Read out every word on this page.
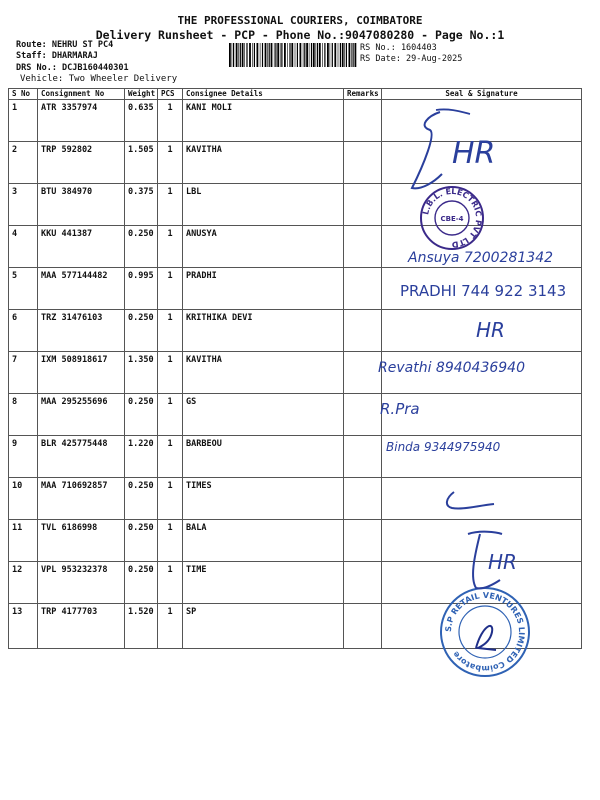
THE PROFESSIONAL COURIERS, COIMBATORE
Delivery Runsheet - PCP - Phone No.:9047080280 - Page No.:1
Route: NEHRU ST PC4
Staff: DHARMARAJ
DRS No.: DCJB160440301
Vehicle: Two Wheeler Delivery
RS No.: 1604403
RS Date: 29-Aug-2025
S No	Consignment No	Weight	PCS	Consignee Details	Remarks	Seal & Signature
1	ATR 3357974	0.635	1	KANI MOLI		
2	TRP 592802	1.505	1	KAVITHA		
3	BTU 384970	0.375	1	LBL		
4	KKU 441387	0.250	1	ANUSYA		
5	MAA 577144482	0.995	1	PRADHI		
6	TRZ 31476103	0.250	1	KRITHIKA DEVI		
7	IXM 508918617	1.350	1	KAVITHA		
8	MAA 295255696	0.250	1	GS		
9	BLR 425775448	1.220	1	BARBEOU		
10	MAA 710692857	0.250	1	TIMES		
11	TVL 6186998	0.250	1	BALA		
12	VPL 953232378	0.250	1	TIME		
13	TRP 4177703	1.520	1	SP		
L.B.L. ELECTRIC PVT LTD
CBE-4
S.P RETAIL VENTURES LIMITED Coimbatore
HR
Ansuya 7200281342
PRADHI 744 922 3143
HR
Revathi 8940436940
R.Pra
Binda 9344975940
HR
